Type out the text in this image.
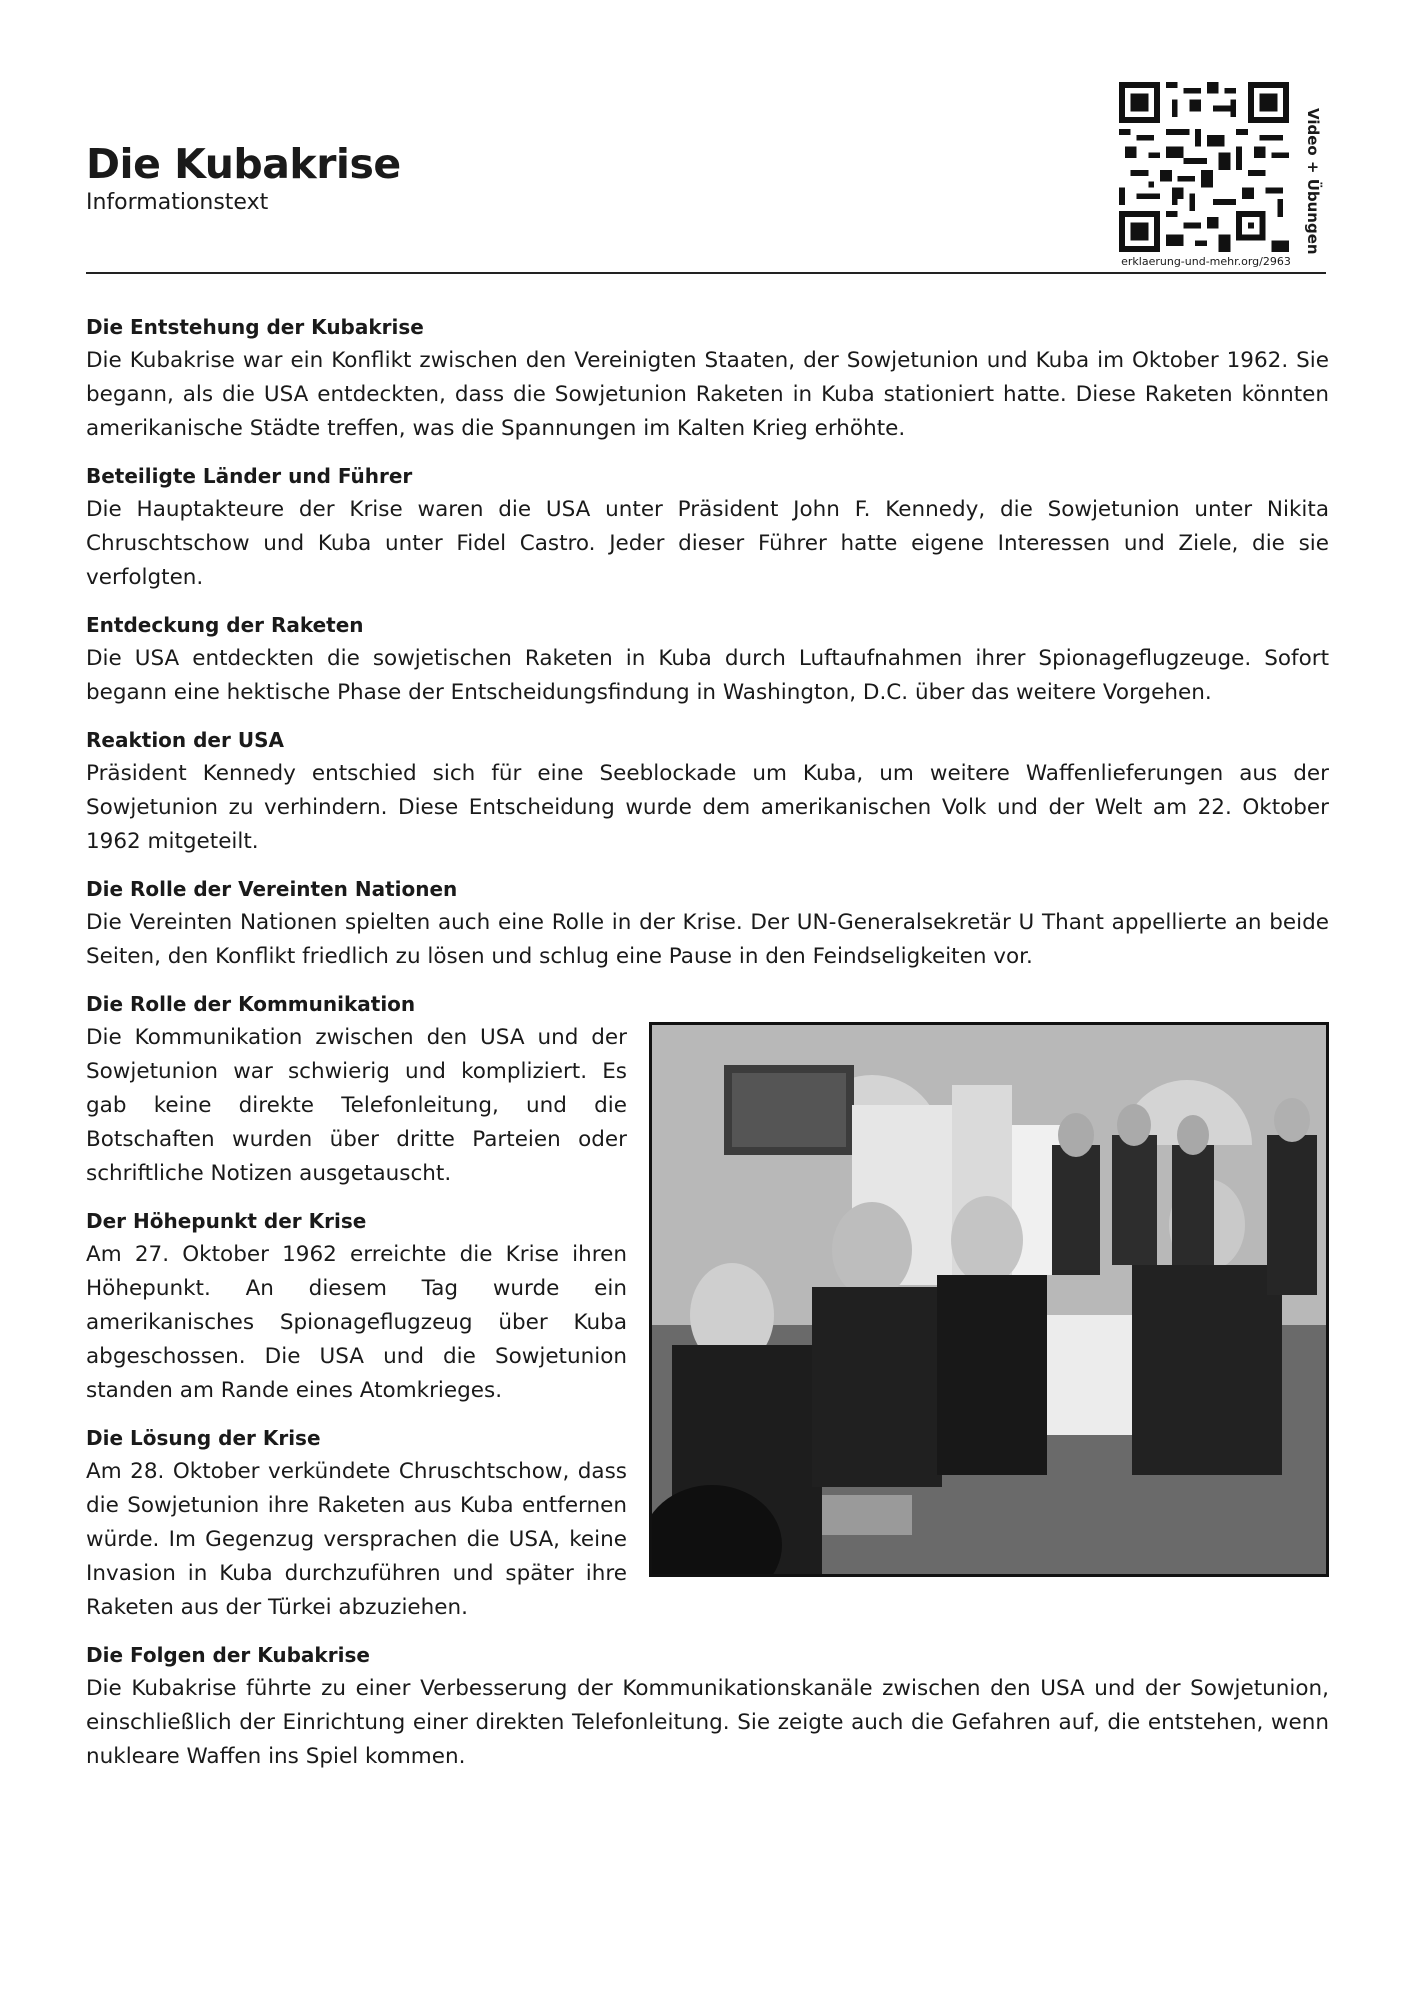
Die Kubakrise
Informationstext
erklaerung-und-mehr.org/2963
Video + Übungen
Die Entstehung der Kubakrise

Die Kubakrise war ein Konflikt zwischen den Vereinigten Staaten, der Sowjetunion und Kuba im Oktober 1962. Sie begann, als die USA entdeckten, dass die Sowjetunion Raketen in Kuba stationiert hatte. Diese Raketen könnten amerikanische Städte treffen, was die Spannungen im Kalten Krieg erhöhte.

Beteiligte Länder und Führer

Die Hauptakteure der Krise waren die USA unter Präsident John F. Kennedy, die Sowjetunion unter Nikita Chruschtschow und Kuba unter Fidel Castro. Jeder dieser Führer hatte eigene Interessen und Ziele, die sie verfolgten.

Entdeckung der Raketen

Die USA entdeckten die sowjetischen Raketen in Kuba durch Luftaufnahmen ihrer Spionageflugzeuge. Sofort begann eine hektische Phase der Entscheidungsfindung in Washington, D.C. über das weitere Vorgehen.

Reaktion der USA

Präsident Kennedy entschied sich für eine Seeblockade um Kuba, um weitere Waffenlieferungen aus der Sowjetunion zu verhindern. Diese Entscheidung wurde dem amerikanischen Volk und der Welt am 22. Oktober 1962 mitgeteilt.

Die Rolle der Vereinten Nationen

Die Vereinten Nationen spielten auch eine Rolle in der Krise. Der UN-Generalsekretär U Thant appellierte an beide Seiten, den Konflikt friedlich zu lösen und schlug eine Pause in den Feindseligkeiten vor.

Die Rolle der Kommunikation

Die Kommunikation zwischen den USA und der Sowjetunion war schwierig und kompliziert. Es gab keine direkte Telefonleitung, und die Botschaften wurden über dritte Parteien oder schriftliche Notizen ausgetauscht.

Der Höhepunkt der Krise

Am 27. Oktober 1962 erreichte die Krise ihren Höhepunkt. An diesem Tag wurde ein amerikanisches Spionageflugzeug über Kuba abgeschossen. Die USA und die Sowjetunion standen am Rande eines Atomkrieges.

Die Lösung der Krise

Am 28. Oktober verkündete Chruschtschow, dass die Sowjetunion ihre Raketen aus Kuba entfernen würde. Im Gegenzug versprachen die USA, keine Invasion in Kuba durchzuführen und später ihre Raketen aus der Türkei abzuziehen.

Die Folgen der Kubakrise

Die Kubakrise führte zu einer Verbesserung der Kommunikationskanäle zwischen den USA und der Sowjetunion, einschließlich der Einrichtung einer direkten Telefonleitung. Sie zeigte auch die Gefahren auf, die entstehen, wenn nukleare Waffen ins Spiel kommen.
